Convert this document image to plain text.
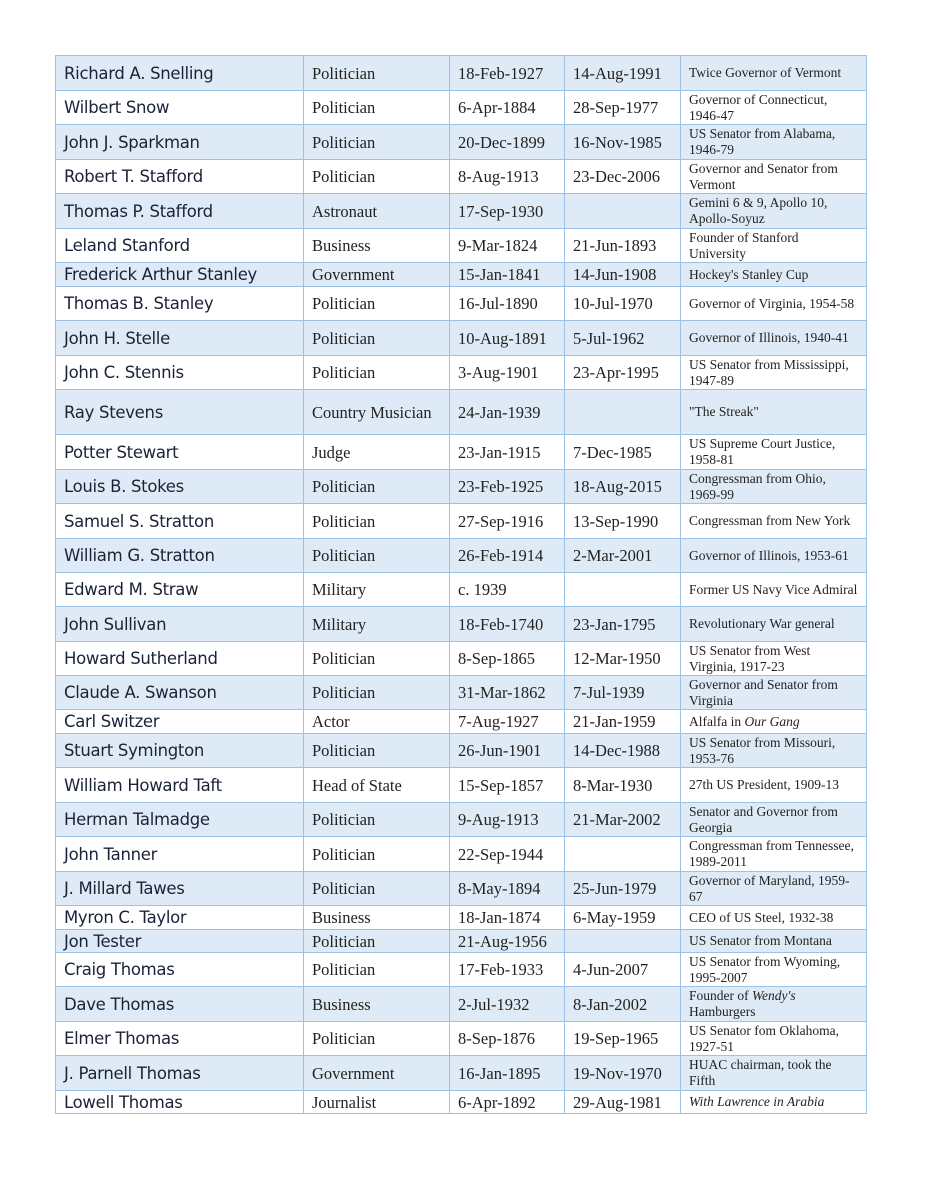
Richard A. Snelling	Politician	18-Feb-1927	14-Aug-1991	Twice Governor of Vermont
Wilbert Snow	Politician	6-Apr-1884	28-Sep-1977	Governor of Connecticut, 1946-47
John J. Sparkman	Politician	20-Dec-1899	16-Nov-1985	US Senator from Alabama, 1946-79
Robert T. Stafford	Politician	8-Aug-1913	23-Dec-2006	Governor and Senator from Vermont
Thomas P. Stafford	Astronaut	17-Sep-1930		Gemini 6 & 9, Apollo 10, Apollo-Soyuz
Leland Stanford	Business	9-Mar-1824	21-Jun-1893	Founder of Stanford University
Frederick Arthur Stanley	Government	15-Jan-1841	14-Jun-1908	Hockey's Stanley Cup
Thomas B. Stanley	Politician	16-Jul-1890	10-Jul-1970	Governor of Virginia, 1954-58
John H. Stelle	Politician	10-Aug-1891	5-Jul-1962	Governor of Illinois, 1940-41
John C. Stennis	Politician	3-Aug-1901	23-Apr-1995	US Senator from Mississippi, 1947-89
Ray Stevens	Country Musician	24-Jan-1939		"The Streak"
Potter Stewart	Judge	23-Jan-1915	7-Dec-1985	US Supreme Court Justice, 1958-81
Louis B. Stokes	Politician	23-Feb-1925	18-Aug-2015	Congressman from Ohio, 1969-99
Samuel S. Stratton	Politician	27-Sep-1916	13-Sep-1990	Congressman from New York
William G. Stratton	Politician	26-Feb-1914	2-Mar-2001	Governor of Illinois, 1953-61
Edward M. Straw	Military	c. 1939		Former US Navy Vice Admiral
John Sullivan	Military	18-Feb-1740	23-Jan-1795	Revolutionary War general
Howard Sutherland	Politician	8-Sep-1865	12-Mar-1950	US Senator from West Virginia, 1917-23
Claude A. Swanson	Politician	31-Mar-1862	7-Jul-1939	Governor and Senator from Virginia
Carl Switzer	Actor	7-Aug-1927	21-Jan-1959	Alfalfa in Our Gang
Stuart Symington	Politician	26-Jun-1901	14-Dec-1988	US Senator from Missouri, 1953-76
William Howard Taft	Head of State	15-Sep-1857	8-Mar-1930	27th US President, 1909-13
Herman Talmadge	Politician	9-Aug-1913	21-Mar-2002	Senator and Governor from Georgia
John Tanner	Politician	22-Sep-1944		Congressman from Tennessee, 1989-2011
J. Millard Tawes	Politician	8-May-1894	25-Jun-1979	Governor of Maryland, 1959-67
Myron C. Taylor	Business	18-Jan-1874	6-May-1959	CEO of US Steel, 1932-38
Jon Tester	Politician	21-Aug-1956		US Senator from Montana
Craig Thomas	Politician	17-Feb-1933	4-Jun-2007	US Senator from Wyoming, 1995-2007
Dave Thomas	Business	2-Jul-1932	8-Jan-2002	Founder of Wendy's Hamburgers
Elmer Thomas	Politician	8-Sep-1876	19-Sep-1965	US Senator fom Oklahoma, 1927-51
J. Parnell Thomas	Government	16-Jan-1895	19-Nov-1970	HUAC chairman, took the Fifth
Lowell Thomas	Journalist	6-Apr-1892	29-Aug-1981	With Lawrence in Arabia
